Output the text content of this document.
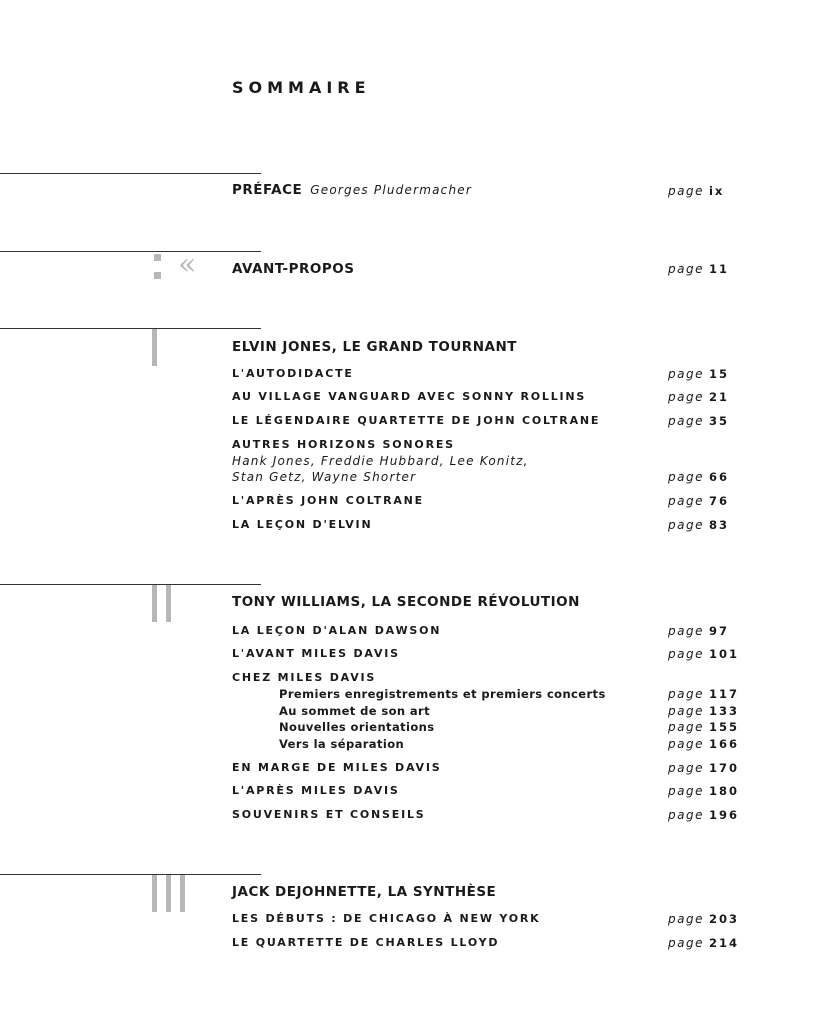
SOMMAIRE
PRÉFACE Georges Pludermacher	page ix
«	AVANT-PROPOS	page 11
ELVIN JONES, LE GRAND TOURNANT
L'AUTODIDACTE	page 15
AU VILLAGE VANGUARD AVEC SONNY ROLLINS	page 21
LE LÉGENDAIRE QUARTETTE DE JOHN COLTRANE	page 35
AUTRES HORIZONS SONORES
Hank Jones, Freddie Hubbard, Lee Konitz,
Stan Getz, Wayne Shorter	page 66
L'APRÈS JOHN COLTRANE	page 76
LA LEÇON D'ELVIN	page 83
TONY WILLIAMS, LA SECONDE RÉVOLUTION
LA LEÇON D'ALAN DAWSON	page 97
L'AVANT MILES DAVIS	page 101
CHEZ MILES DAVIS
Premiers enregistrements et premiers concerts	page 117
Au sommet de son art	page 133
Nouvelles orientations	page 155
Vers la séparation	page 166
EN MARGE DE MILES DAVIS	page 170
L'APRÈS MILES DAVIS	page 180
SOUVENIRS ET CONSEILS	page 196
JACK DEJOHNETTE, LA SYNTHÈSE
LES DÉBUTS : DE CHICAGO À NEW YORK	page 203
LE QUARTETTE DE CHARLES LLOYD	page 214
